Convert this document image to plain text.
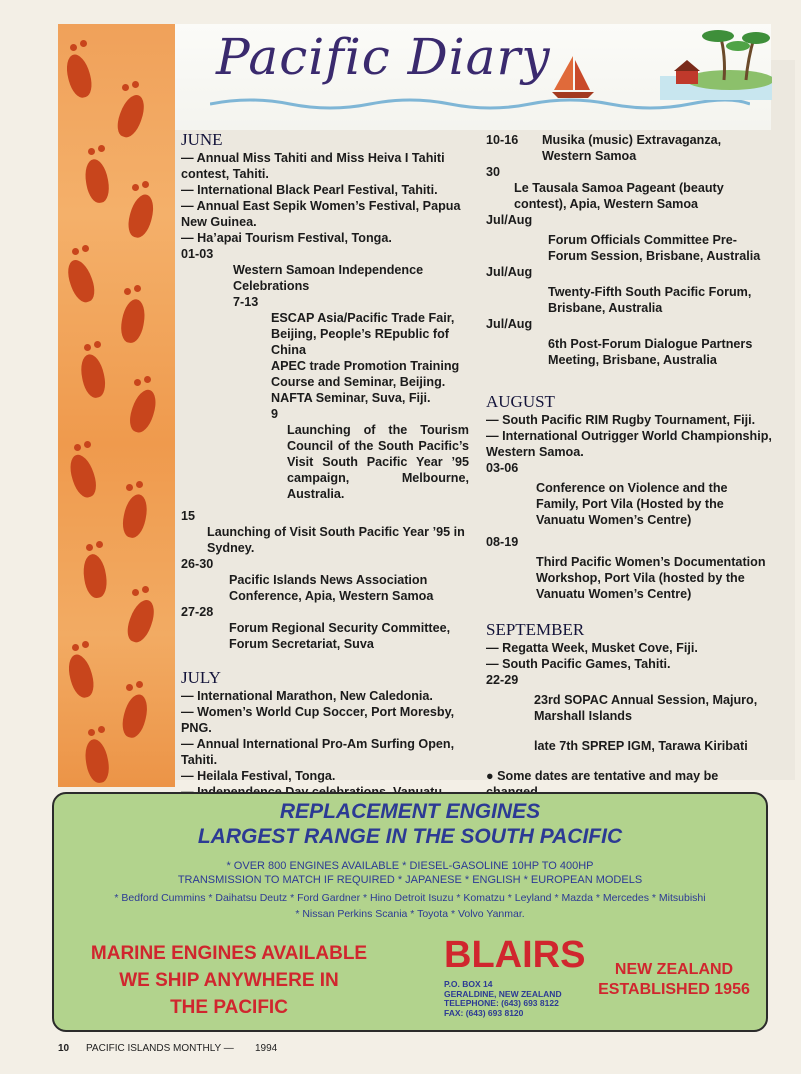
Pacific Diary
JUNE

— Annual Miss Tahiti and Miss Heiva I Tahiti contest, Tahiti.

— International Black Pearl Festival, Tahiti.

— Annual East Sepik Women’s Festival, Papua New Guinea.

— Ha’apai Tourism Festival, Tonga.

01-03

Western Samoan Independence Celebrations

7-13

ESCAP Asia/Pacific Trade Fair, Beijing, People’s REpublic fof China

APEC trade Promotion Training Course and Seminar, Beijing.

NAFTA Seminar, Suva, Fiji.

9

Launching of the Tourism Council of the South Pacific’s Visit South Pacific Year ’95 campaign, Melbourne, Australia.

15

Launching of Visit South Pacific Year ’95 in Sydney.

26-30

Pacific Islands News Association Conference, Apia, Western Samoa

27-28

Forum Regional Security Committee, Forum Secretariat, Suva

JULY

— International Marathon, New Caledonia.

— Women’s World Cup Soccer, Port Moresby, PNG.

— Annual International Pro-Am Surfing Open, Tahiti.

— Heilala Festival, Tonga.

10-16	Musika (music) Extravaganza, Western Samoa

30

Le Tausala Samoa Pageant (beauty contest), Apia, Western Samoa

Jul/Aug

Forum Officials Committee Pre-Forum Session, Brisbane, Australia

Jul/Aug

Twenty-Fifth South Pacific Forum, Brisbane, Australia

Jul/Aug

6th Post-Forum Dialogue Partners Meeting, Brisbane, Australia

AUGUST

— South Pacific RIM Rugby Tournament, Fiji.

— International Outrigger World Championship, Western Samoa.

03-06

Conference on Violence and the Family, Port Vila (Hosted by the Vanuatu Women’s Centre)

08-19

Third Pacific Women’s Documentation Workshop, Port Vila (hosted by the Vanuatu Women’s Centre)

SEPTEMBER

— Regatta Week, Musket Cove, Fiji.

— South Pacific Games, Tahiti.

22-29

23rd SOPAC Annual Session, Majuro, Marshall Islands

late 7th SPREP IGM, Tarawa Kiribati

● Some dates are tentative and may be

REPLACEMENT ENGINES
LARGEST RANGE IN THE SOUTH PACIFIC
* OVER 800 ENGINES AVAILABLE * DIESEL-GASOLINE 10HP TO 400HP
TRANSMISSION TO MATCH IF REQUIRED * JAPANESE * ENGLISH * EUROPEAN MODELS
* Bedford Cummins * Daihatsu Deutz * Ford Gardner * Hino Detroit Isuzu * Komatzu * Leyland * Mazda * Mercedes * Mitsubishi
* Nissan Perkins Scania * Toyota * Volvo Yanmar.
MARINE ENGINES AVAILABLE
WE SHIP ANYWHERE IN
THE PACIFIC
BLAIRS
P.O. BOX 14
GERALDINE, NEW ZEALAND
TELEPHONE: (643) 693 8122
FAX: (643) 693 8120
NEW ZEALAND
ESTABLISHED 1956
10 PACIFIC ISLANDS MONTHLY — 1994
